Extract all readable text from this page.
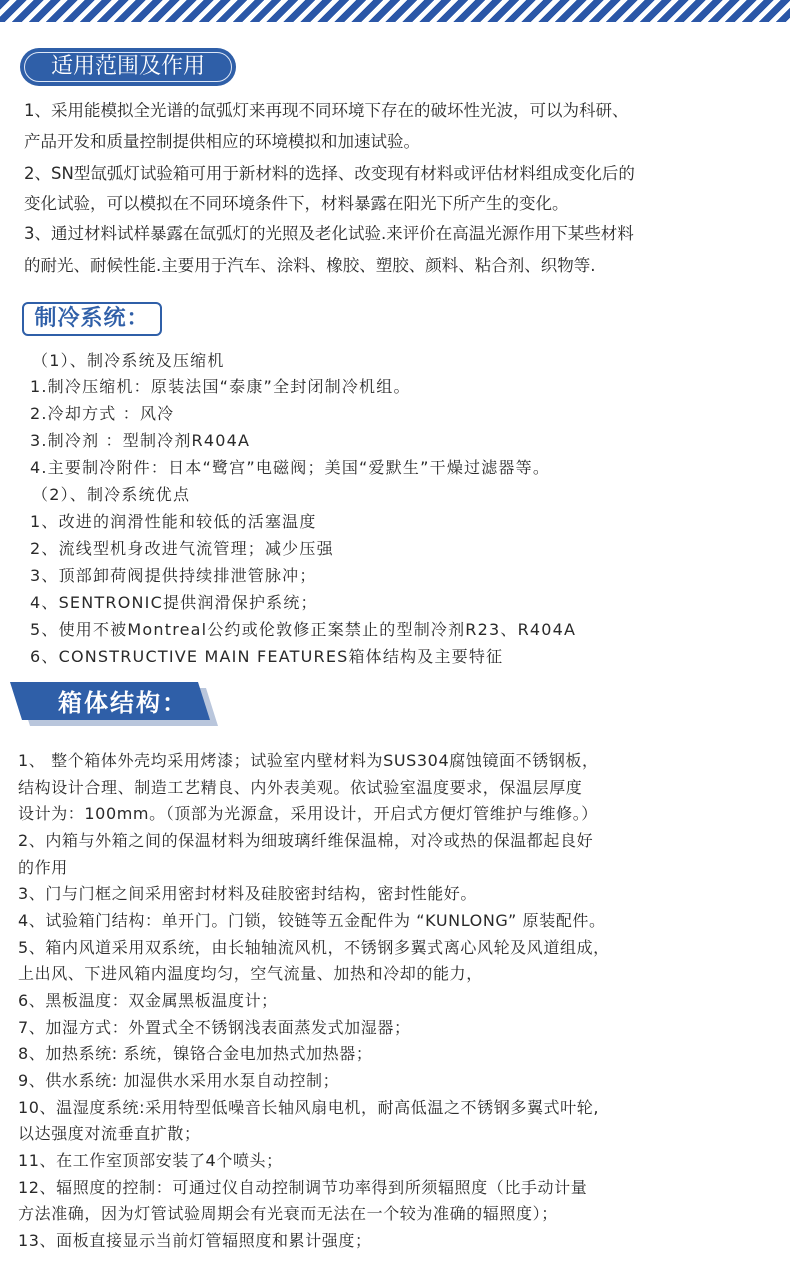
适用范围及作用
1、采用能模拟全光谱的氙弧灯来再现不同环境下存在的破坏性光波，可以为科研、
产品开发和质量控制提供相应的环境模拟和加速试验。
2、SN型氙弧灯试验箱可用于新材料的选择、改变现有材料或评估材料组成变化后的
变化试验，可以模拟在不同环境条件下，材料暴露在阳光下所产生的变化。
3、通过材料试样暴露在氙弧灯的光照及老化试验.来评价在高温光源作用下某些材料
的耐光、耐候性能.主要用于汽车、涂料、橡胶、塑胶、颜料、粘合剂、织物等.
制冷系统：
（1）、制冷系统及压缩机
1.制冷压缩机：原装法国“泰康”全封闭制冷机组。
2.冷却方式 ：风冷
3.制冷剂 ：型制冷剂R404A
4.主要制冷附件：日本“鹭宫”电磁阀；美国“爱默生”干燥过滤器等。
（2）、制冷系统优点
1、改进的润滑性能和较低的活塞温度
2、流线型机身改进气流管理；减少压强
3、顶部卸荷阀提供持续排泄管脉冲；
4、SENTRONIC提供润滑保护系统；
5、使用不被Montreal公约或伦敦修正案禁止的型制冷剂R23、R404A
6、CONSTRUCTIVE MAIN FEATURES箱体结构及主要特征
箱体结构：
1、 整个箱体外壳均采用烤漆；试验室内壁材料为SUS304腐蚀镜面不锈钢板，
结构设计合理、制造工艺精良、内外表美观。依试验室温度要求，保温层厚度
设计为：100mm。（顶部为光源盒，采用设计，开启式方便灯管维护与维修。）
2、内箱与外箱之间的保温材料为细玻璃纤维保温棉，对冷或热的保温都起良好
的作用
3、门与门框之间采用密封材料及硅胶密封结构，密封性能好。
4、试验箱门结构：单开门。门锁，铰链等五金配件为 “KUNLONG” 原装配件。
5、箱内风道采用双系统，由长轴轴流风机，不锈钢多翼式离心风轮及风道组成，
上出风、下进风箱内温度均匀，空气流量、加热和冷却的能力，
6、黑板温度：双金属黑板温度计；
7、加湿方式：外置式全不锈钢浅表面蒸发式加湿器；
8、加热系统: 系统，镍铬合金电加热式加热器；
9、供水系统: 加湿供水采用水泵自动控制；
10、温湿度系统:采用特型低噪音长轴风扇电机，耐高低温之不锈钢多翼式叶轮,
以达强度对流垂直扩散；
11、在工作室顶部安装了4个喷头；
12、辐照度的控制：可通过仪自动控制调节功率得到所须辐照度（比手动计量
方法准确，因为灯管试验周期会有光衰而无法在一个较为准确的辐照度）；
13、面板直接显示当前灯管辐照度和累计强度；
